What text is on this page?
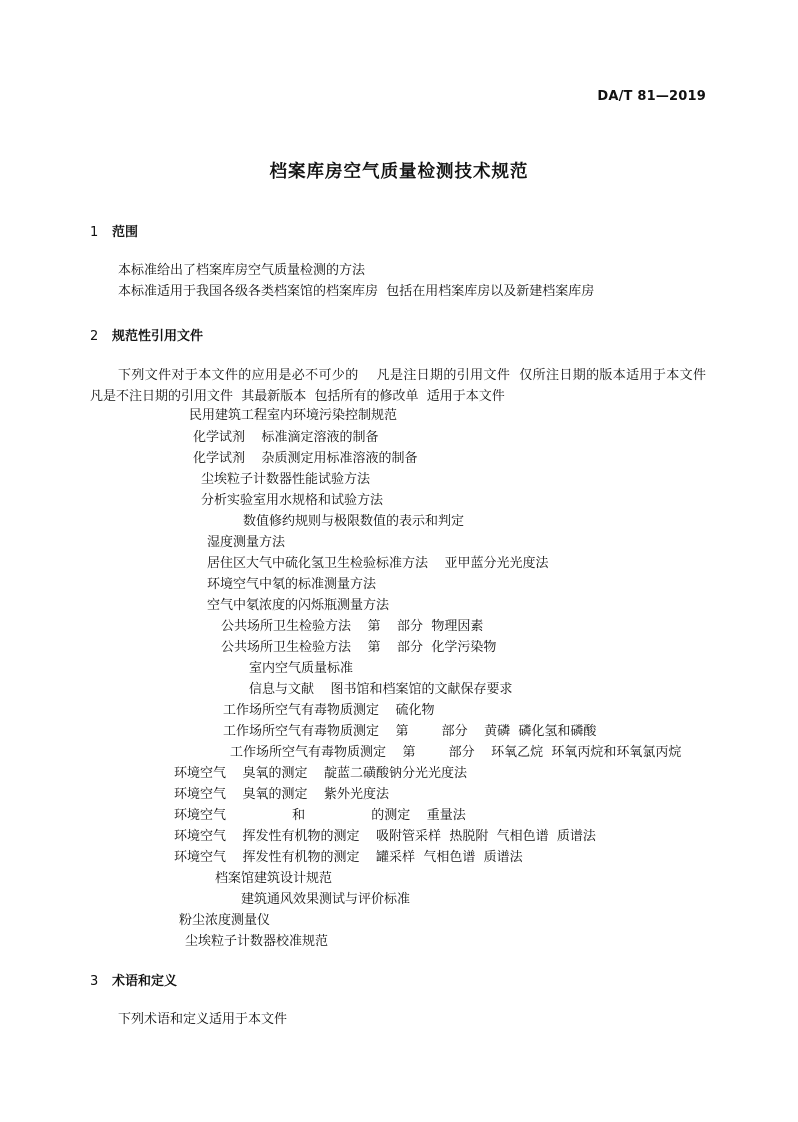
DA/T 81—2019
档案库房空气质量检测技术规范
1 范围
本标准给出了档案库房空气质量检测的方法
本标准适用于我国各级各类档案馆的档案库房  包括在用档案库房以及新建档案库房
2 规范性引用文件
下列文件对于本文件的应用是必不可少的    凡是注日期的引用文件  仅所注日期的版本适用于本文件    凡是不注日期的引用文件  其最新版本  包括所有的修改单  适用于本文件
民用建筑工程室内环境污染控制规范
化学试剂    标准滴定溶液的制备
化学试剂    杂质测定用标准溶液的制备
尘埃粒子计数器性能试验方法
分析实验室用水规格和试验方法
数值修约规则与极限数值的表示和判定
湿度测量方法
居住区大气中硫化氢卫生检验标准方法    亚甲蓝分光光度法
环境空气中氡的标准测量方法
空气中氡浓度的闪烁瓶测量方法
公共场所卫生检验方法    第    部分  物理因素
公共场所卫生检验方法    第    部分  化学污染物
室内空气质量标准
信息与文献    图书馆和档案馆的文献保存要求
工作场所空气有毒物质测定    硫化物
工作场所空气有毒物质测定    第        部分    黄磷  磷化氢和磷酸
工作场所空气有毒物质测定    第        部分    环氧乙烷  环氧丙烷和环氧氯丙烷
环境空气    臭氧的测定    靛蓝二磺酸钠分光光度法
环境空气    臭氧的测定    紫外光度法
环境空气                和                的测定    重量法
环境空气    挥发性有机物的测定    吸附管采样  热脱附  气相色谱  质谱法
环境空气    挥发性有机物的测定    罐采样  气相色谱  质谱法
档案馆建筑设计规范
建筑通风效果测试与评价标准
粉尘浓度测量仪
尘埃粒子计数器校准规范
3 术语和定义
下列术语和定义适用于本文件
